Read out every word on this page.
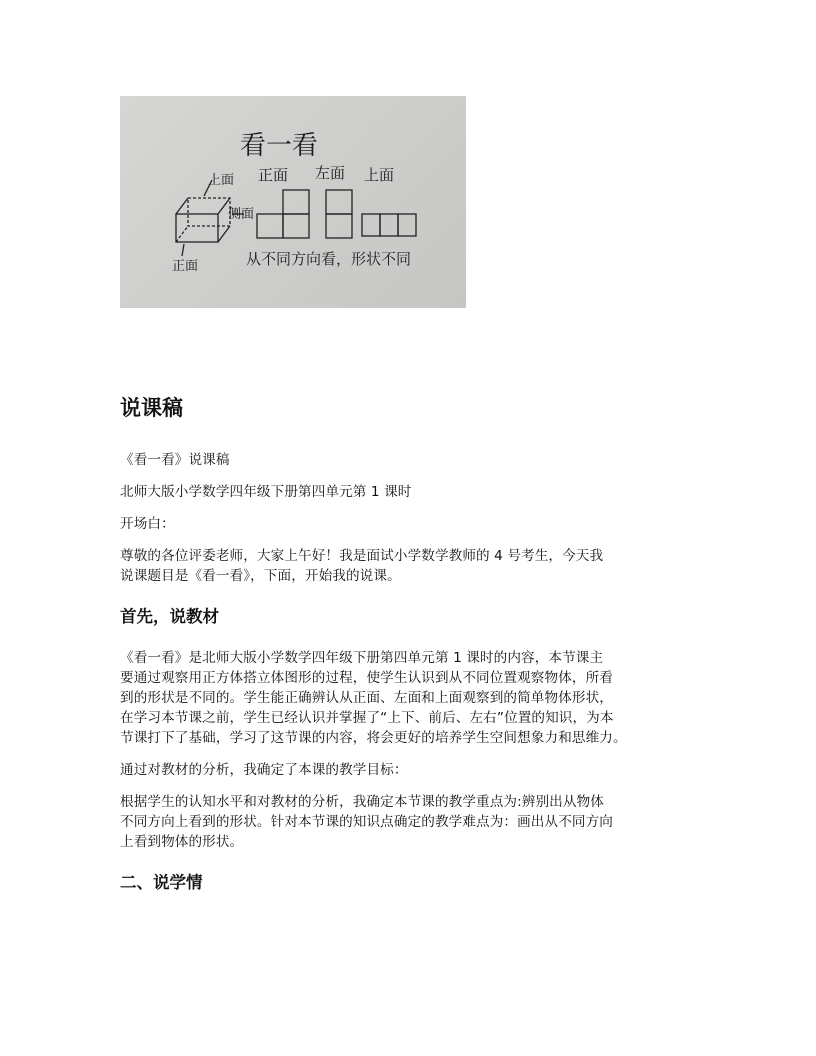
看一看
上面
侧面
正面
正面 左面 上面
从不同方向看，形状不同
说课稿

《看一看》说课稿

北师大版小学数学四年级下册第四单元第 1 课时

开场白：

尊敬的各位评委老师，大家上午好！我是面试小学数学教师的 4 号考生，今天我
说课题目是《看一看》，下面，开始我的说课。

首先，说教材

《看一看》是北师大版小学数学四年级下册第四单元第 1 课时的内容，本节课主
要通过观察用正方体搭立体图形的过程，使学生认识到从不同位置观察物体，所看
到的形状是不同的。学生能正确辨认从正面、左面和上面观察到的简单物体形状，
在学习本节课之前，学生已经认识并掌握了“上下、前后、左右”位置的知识，为本
节课打下了基础，学习了这节课的内容，将会更好的培养学生空间想象力和思维力。

通过对教材的分析，我确定了本课的教学目标：

根据学生的认知水平和对教材的分析，我确定本节课的教学重点为:辨别出从物体
不同方向上看到的形状。针对本节课的知识点确定的教学难点为：画出从不同方向
上看到物体的形状。

二、说学情
